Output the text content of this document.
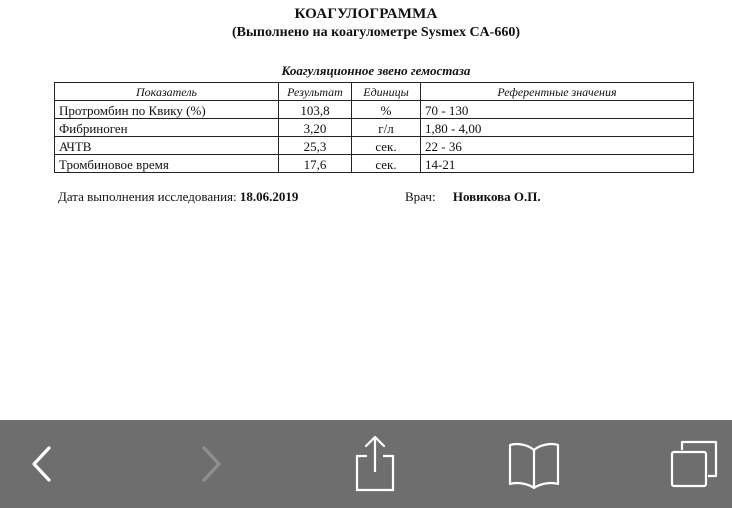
КОАГУЛОГРАММА
(Выполнено на коагулометре Sysmex CA-660)
Коагуляционное звено гемостаза
Показатель	Результат	Единицы	Референтные значения
Протромбин по Квику (%)	103,8	%	70 - 130
Фибриноген	3,20	г/л	1,80 - 4,00
АЧТВ	25,3	сек.	22 - 36
Тромбиновое время	17,6	сек.	14-21
Дата выполнения исследования: 18.06.2019	Врач: Новикова О.П.
